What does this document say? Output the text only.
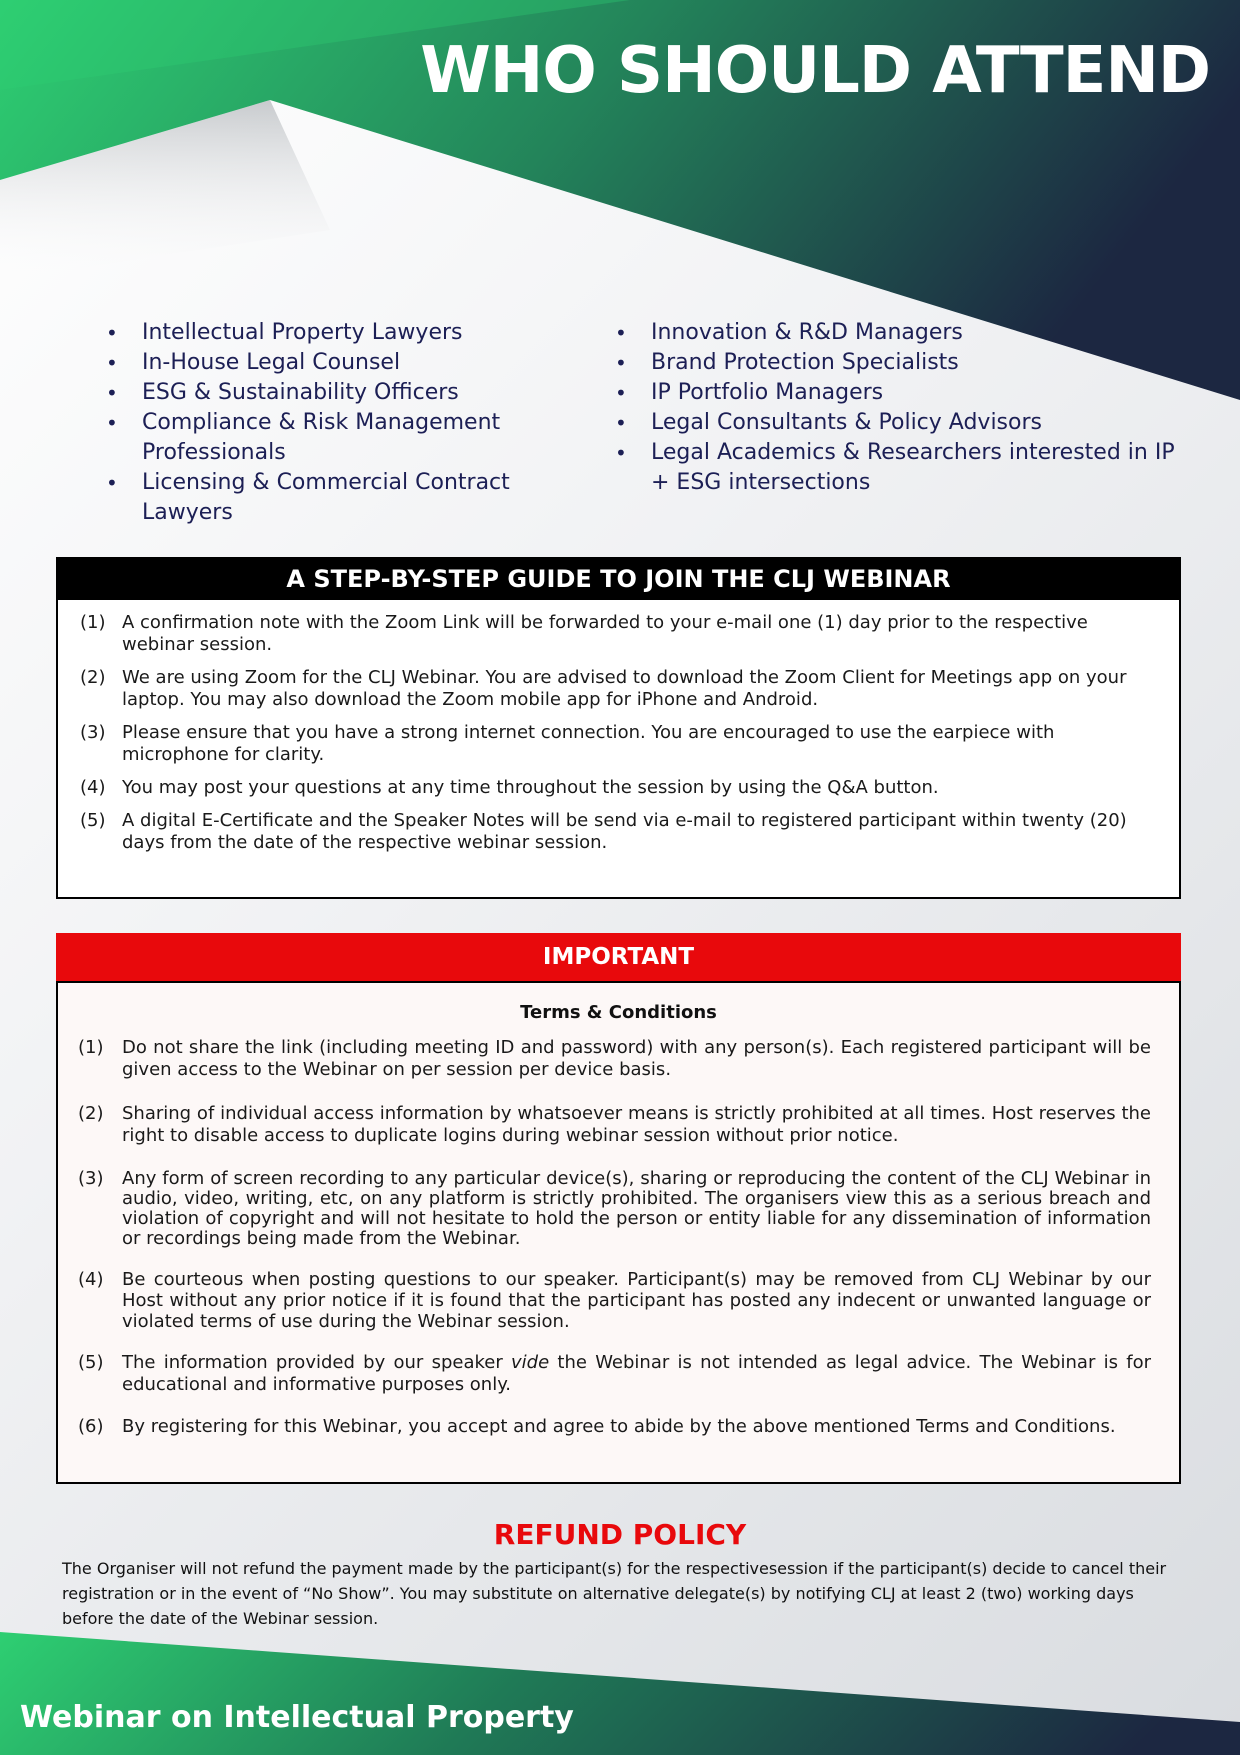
WHO SHOULD ATTEND
• Intellectual Property Lawyers
• In-House Legal Counsel
• ESG & Sustainability Officers
• Compliance & Risk Management Professionals
• Licensing & Commercial Contract Lawyers
• Innovation & R&D Managers
• Brand Protection Specialists
• IP Portfolio Managers
• Legal Consultants & Policy Advisors
• Legal Academics & Researchers interested in IP + ESG intersections
A STEP-BY-STEP GUIDE TO JOIN THE CLJ WEBINAR
(1) A confirmation note with the Zoom Link will be forwarded to your e-mail one (1) day prior to the respective webinar session.
(2) We are using Zoom for the CLJ Webinar. You are advised to download the Zoom Client for Meetings app on your laptop. You may also download the Zoom mobile app for iPhone and Android.
(3) Please ensure that you have a strong internet connection. You are encouraged to use the earpiece with microphone for clarity.
(4) You may post your questions at any time throughout the session by using the Q&A button.
(5) A digital E-Certificate and the Speaker Notes will be send via e-mail to registered participant within twenty (20) days from the date of the respective webinar session.
IMPORTANT
Terms & Conditions
(1) Do not share the link (including meeting ID and password) with any person(s). Each registered participant will be given access to the Webinar on per session per device basis.
(2) Sharing of individual access information by whatsoever means is strictly prohibited at all times. Host reserves the right to disable access to duplicate logins during webinar session without prior notice.
(3) Any form of screen recording to any particular device(s), sharing or reproducing the content of the CLJ Webinar in audio, video, writing, etc, on any platform is strictly prohibited. The organisers view this as a serious breach and violation of copyright and will not hesitate to hold the person or entity liable for any dissemination of information or recordings being made from the Webinar.
(4) Be courteous when posting questions to our speaker. Participant(s) may be removed from CLJ Webinar by our Host without any prior notice if it is found that the participant has posted any indecent or unwanted language or violated terms of use during the Webinar session.
(5) The information provided by our speaker vide the Webinar is not intended as legal advice. The Webinar is for educational and informative purposes only.
(6) By registering for this Webinar, you accept and agree to abide by the above mentioned Terms and Conditions.
REFUND POLICY

The Organiser will not refund the payment made by the participant(s) for the respectivesession if the participant(s) decide to cancel their registration or in the event of “No Show”. You may substitute on alternative delegate(s) by notifying CLJ at least 2 (two) working days before the date of the Webinar session.

Webinar on Intellectual Property
